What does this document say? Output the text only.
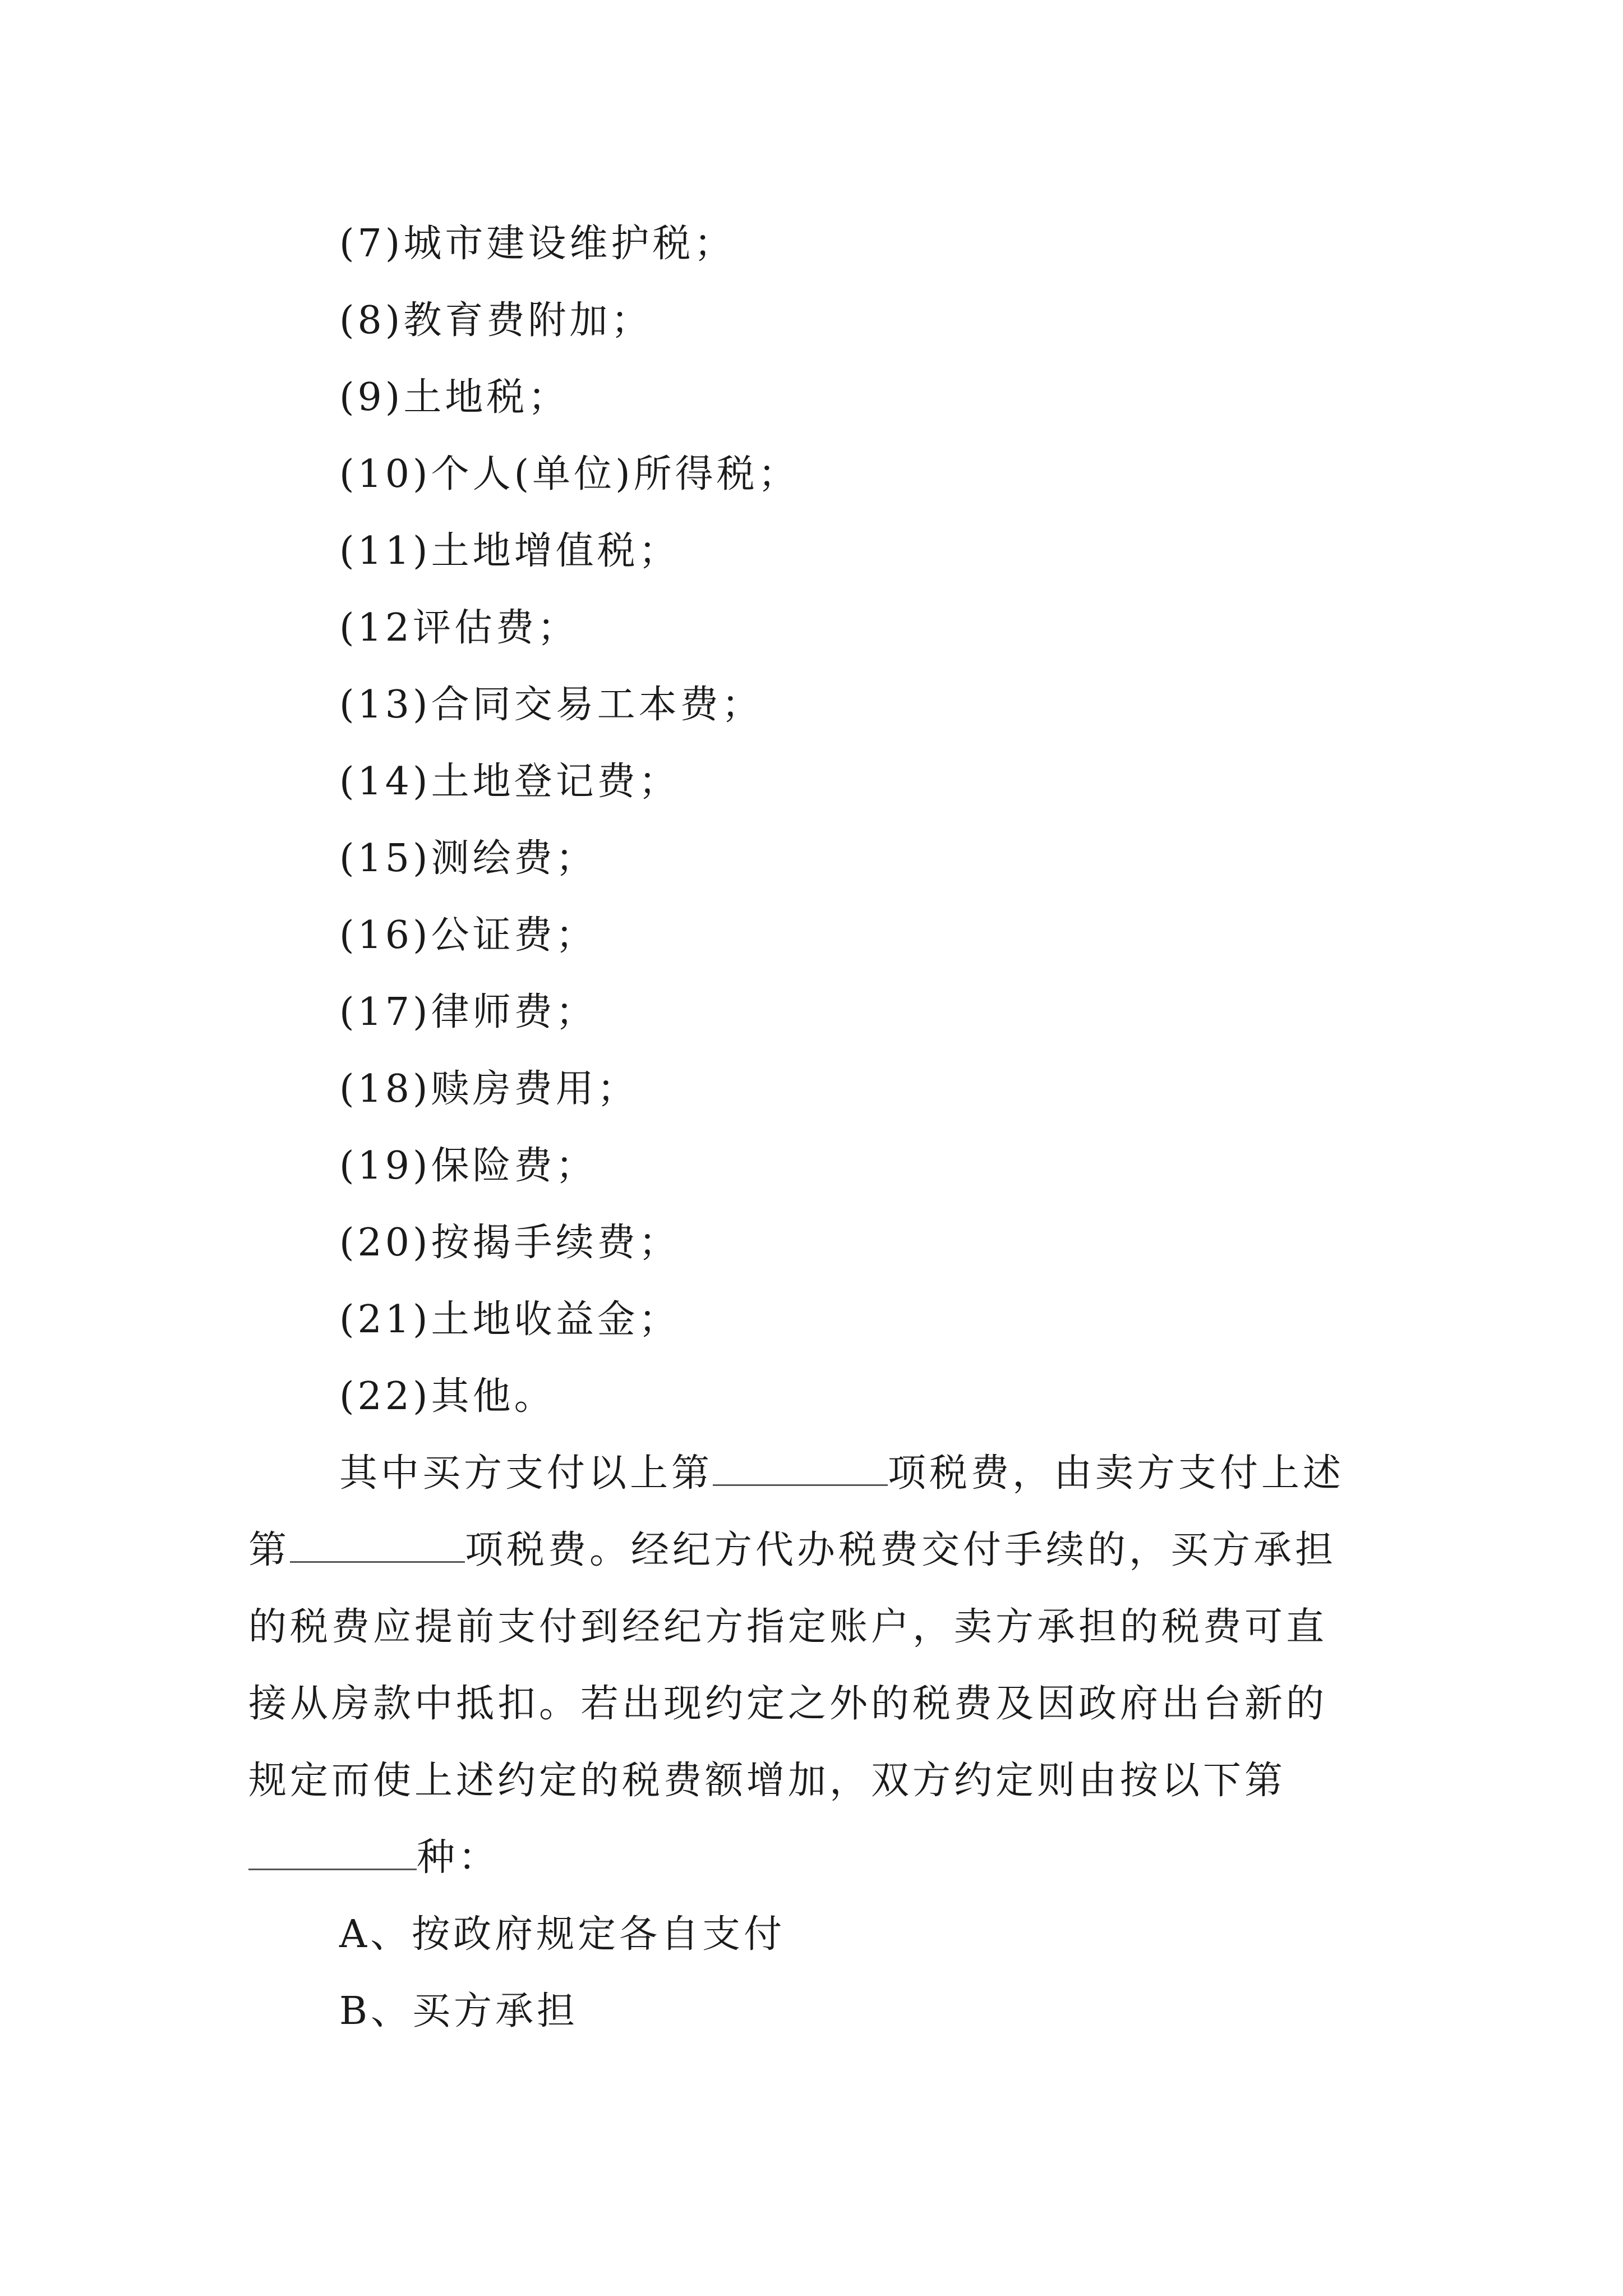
(7)城市建设维护税；
(8)教育费附加；
(9)土地税；
(10)个人(单位)所得税；
(11)土地增值税；
(12评估费；
(13)合同交易工本费；
(14)土地登记费；
(15)测绘费；
(16)公证费；
(17)律师费；
(18)赎房费用；
(19)保险费；
(20)按揭手续费；
(21)土地收益金；
(22)其他。
其中买方支付以上第	项税费，由卖方支付上述
第	项税费。经纪方代办税费交付手续的，买方承担
的税费应提前支付到经纪方指定账户，卖方承担的税费可直
接从房款中抵扣。若出现约定之外的税费及因政府出台新的
规定而使上述约定的税费额增加，双方约定则由按以下第
种：
A、按政府规定各自支付
B、买方承担
